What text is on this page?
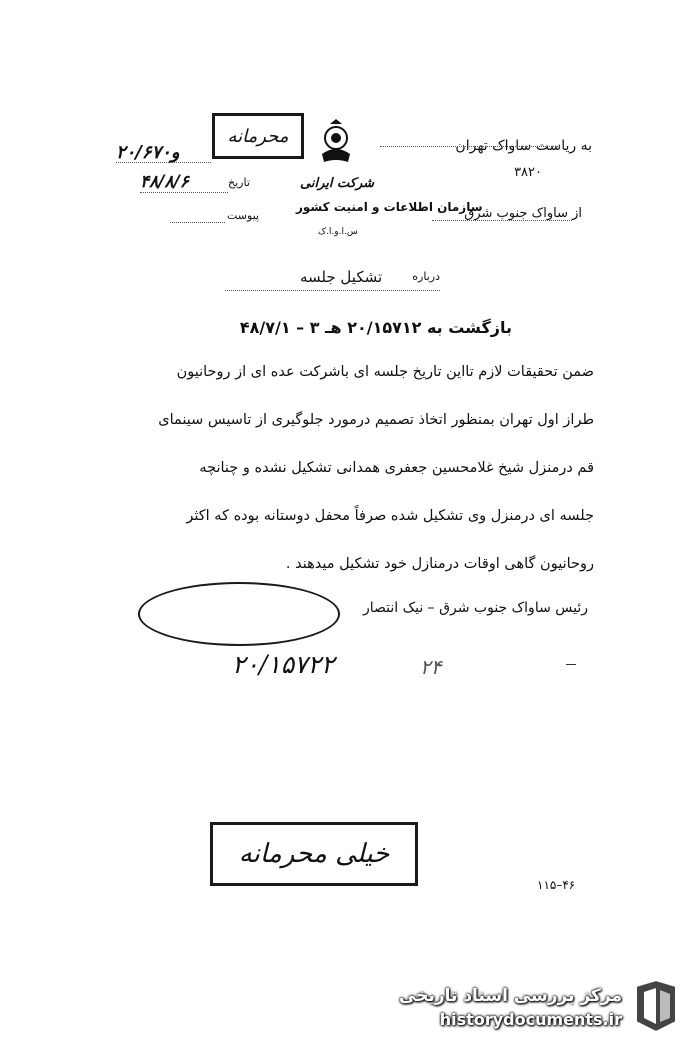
محرمانه
شرکت ایرانی
سازمان اطلاعات و امنیت کشور
س.ا.و.ا.ک
۲۰/۶۷۰و
تاریخ
۴۸/۸/۶
پیوست
به ریاست ساواک تهران
۳۸۲۰
از ساواک جنوب شرق
درباره
تشکیل جلسه
بازگشت به ۲۰/۱۵۷۱۲ هـ ۳ – ۴۸/۷/۱
ضمن تحقیقات لازم تااین تاریخ جلسه ای باشرکت عده ای از روحانیون
طراز اول تهران بمنظور اتخاذ تصمیم درمورد جلوگیری از تاسیس سینمای
قم درمنزل شیخ غلامحسین جعفری همدانی تشکیل نشده و چنانچه
جلسه ای درمنزل وی تشکیل شده صرفاً محفل دوستانه بوده که اکثر
روحانیون گاهی اوقات درمنازل خود تشکیل میدهند .
رئیس ساواک جنوب شرق – نیک انتصار
۲۰/۱۵۷۲۲	۲۴
خیلی محرمانه
۱۱۵–۴۶
مرکز بررسی اسناد تاریخی
historydocuments.ir
